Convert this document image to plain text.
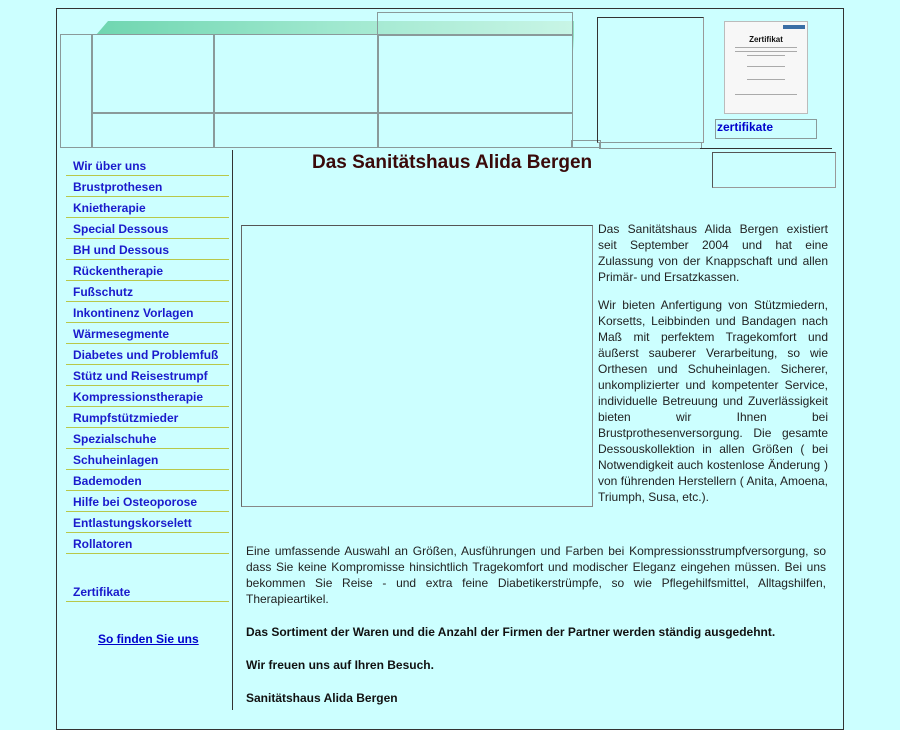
Zertifikat
zertifikate
Wir über uns
Brustprothesen
Knietherapie
Special Dessous
BH und Dessous
Rückentherapie
Fußschutz
Inkontinenz Vorlagen
Wärmesegmente
Diabetes und Problemfuß
Stütz und Reisestrumpf
Kompressionstherapie
Rumpfstützmieder
Spezialschuhe
Schuheinlagen
Bademoden
Hilfe bei Osteoporose
Entlastungskorselett
Rollatoren
Zertifikate
So finden Sie uns
Das Sanitätshaus Alida Bergen

Das Sanitätshaus Alida Bergen existiert seit September 2004 und hat eine Zulassung von der Knappschaft und allen Primär- und Ersatzkassen.

Wir bieten Anfertigung von Stützmiedern, Korsetts, Leibbinden und Bandagen nach Maß mit perfektem Tragekomfort und äußerst sauberer Verarbeitung, so wie Orthesen und Schuheinlagen. Sicherer, unkomplizierter und kompetenter Service, individuelle Betreuung und Zuverlässigkeit bieten wir Ihnen bei Brustprothesenversorgung. Die gesamte Dessouskollektion in allen Größen ( bei Notwendigkeit auch kostenlose Änderung ) von führenden Herstellern ( Anita, Amoena, Triumph, Susa, etc.).

Eine umfassende Auswahl an Größen, Ausführungen und Farben bei Kompressionsstrumpfversorgung, so dass Sie keine Kompromisse hinsichtlich Tragekomfort und modischer Eleganz eingehen müssen. Bei uns bekommen Sie Reise - und extra feine Diabetikerstrümpfe, so wie Pflegehilfsmittel, Alltagshilfen, Therapieartikel.

Das Sortiment der Waren und die Anzahl der Firmen der Partner werden ständig ausgedehnt.

Wir freuen uns auf Ihren Besuch.

Sanitätshaus Alida Bergen
